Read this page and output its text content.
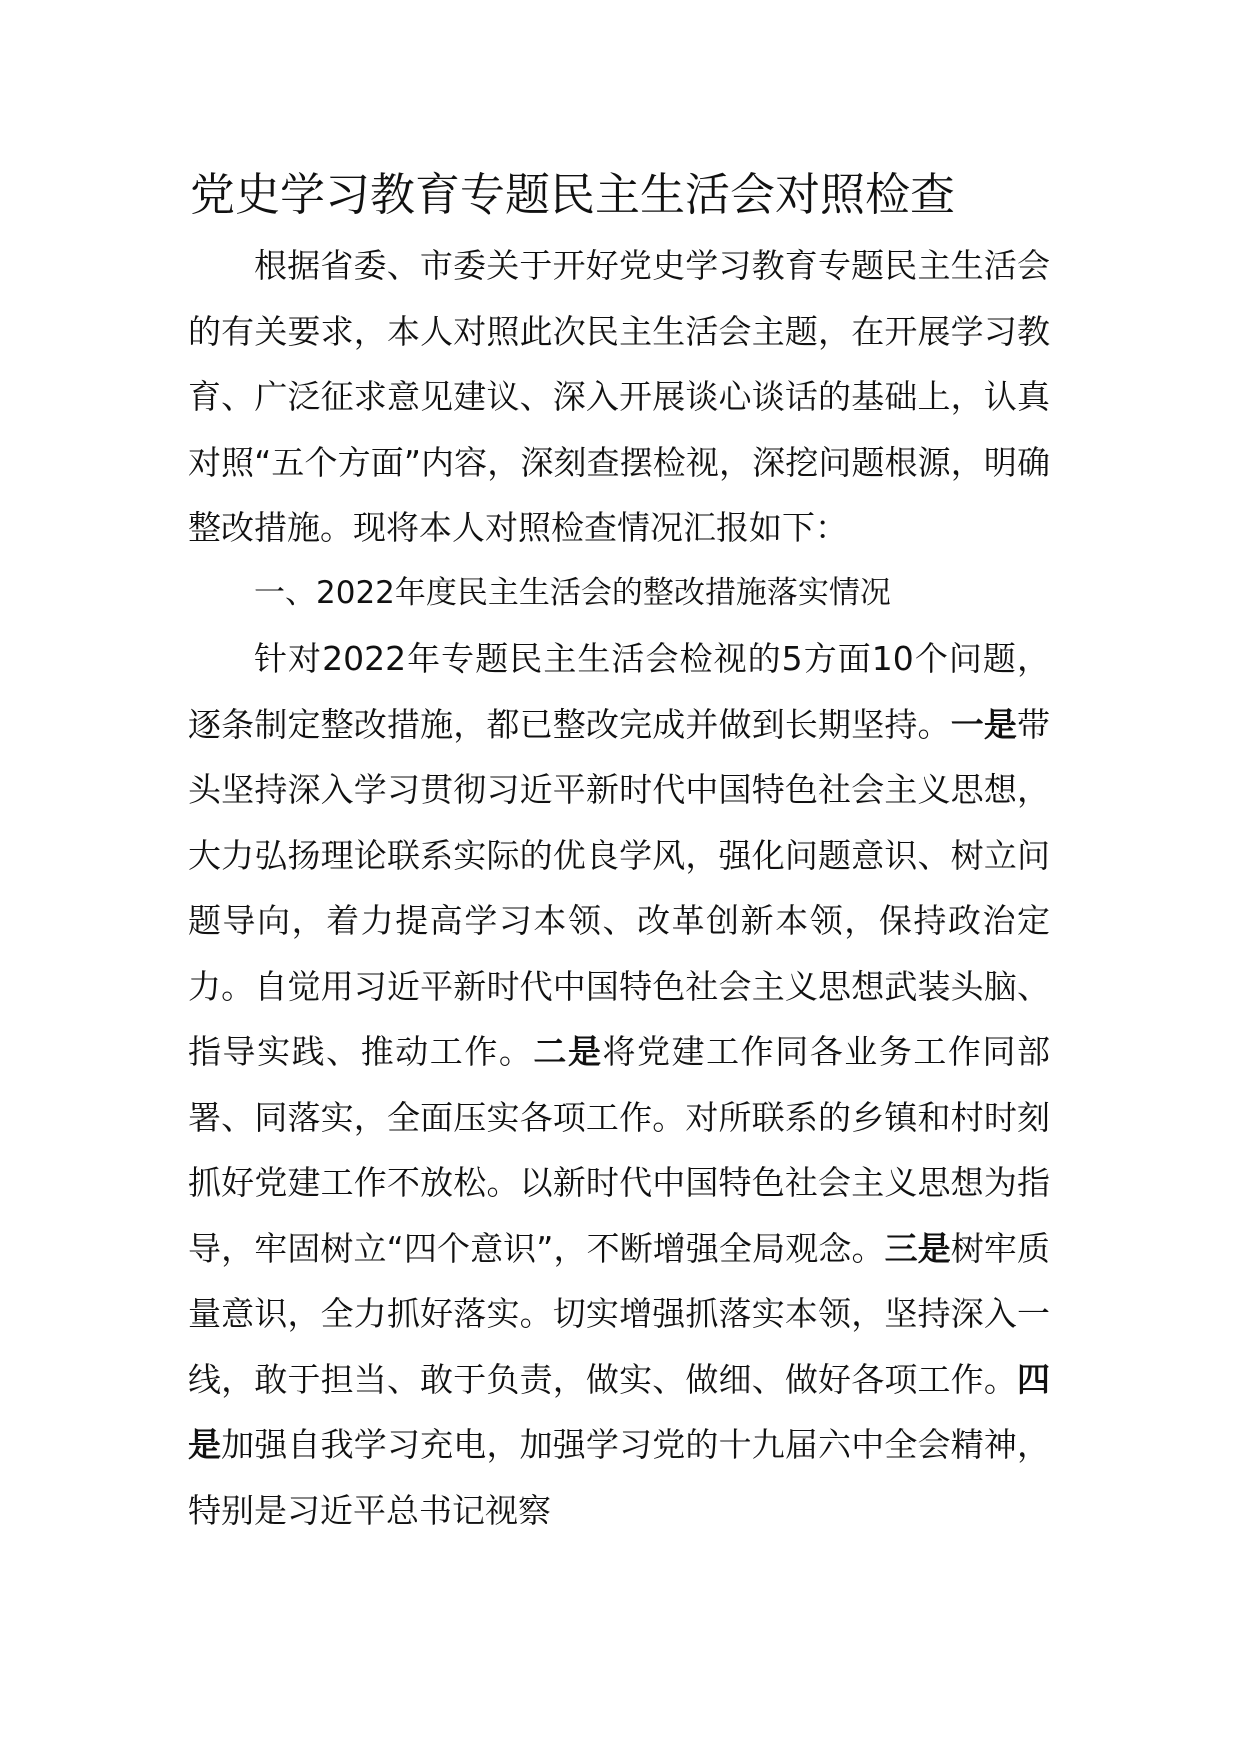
党史学习教育专题民主生活会对照检查

根据省委、市委关于开好党史学习教育专题民主生活会的有关要求，本人对照此次民主生活会主题，在开展学习教育、广泛征求意见建议、深入开展谈心谈话的基础上，认真对照“五个方面”内容，深刻查摆检视，深挖问题根源，明确整改措施。现将本人对照检查情况汇报如下：

一、2022年度民主生活会的整改措施落实情况

针对2022年专题民主生活会检视的5方面10个问题，逐条制定整改措施，都已整改完成并做到长期坚持。一是带头坚持深入学习贯彻习近平新时代中国特色社会主义思想，大力弘扬理论联系实际的优良学风，强化问题意识、树立问题导向，着力提高学习本领、改革创新本领，保持政治定力。自觉用习近平新时代中国特色社会主义思想武装头脑、指导实践、推动工作。二是将党建工作同各业务工作同部署、同落实，全面压实各项工作。对所联系的乡镇和村时刻抓好党建工作不放松。以新时代中国特色社会主义思想为指导，牢固树立“四个意识”，不断增强全局观念。三是树牢质量意识，全力抓好落实。切实增强抓落实本领，坚持深入一线，敢于担当、敢于负责，做实、做细、做好各项工作。四是加强自我学习充电，加强学习党的十九届六中全会精神，特别是习近平总书记视察
